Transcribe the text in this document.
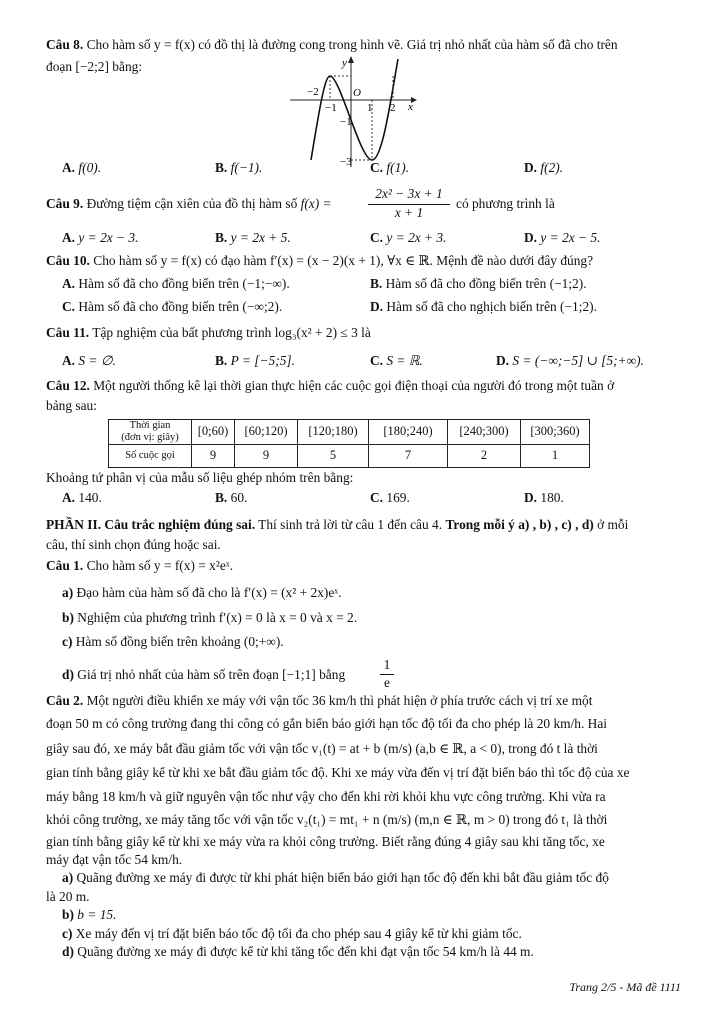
Câu 8. Cho hàm số y = f(x) có đồ thị là đường cong trong hình vẽ. Giá trị nhỏ nhất của hàm số đã cho trên
đoạn [−2;2] bằng:	y
x
O
−2
−1	1 2
−1
−3
A. f(0).	B. f(−1).	C. f(1).	D. f(2).
Câu 9. Đường tiệm cận xiên của đồ thị hàm số f(x) =
2x² − 3x + 1
x + 1
có phương trình là
A. y = 2x − 3.	B. y = 2x + 5.	C. y = 2x + 3.	D. y = 2x − 5.
Câu 10. Cho hàm số y = f(x) có đạo hàm f′(x) = (x − 2)(x + 1), ∀x ∈ ℝ. Mệnh đề nào dưới đây đúng?
A. Hàm số đã cho đồng biến trên (−1;−∞).	B. Hàm số đã cho đồng biến trên (−1;2).
C. Hàm số đã cho đồng biến trên (−∞;2).	D. Hàm số đã cho nghịch biến trên (−1;2).
Câu 11. Tập nghiệm của bất phương trình log₃(x² + 2) ≤ 3 là
A. S = ∅.	B. P = [−5;5].	C. S = ℝ.	D. S = (−∞;−5] ∪ [5;+∞).
Câu 12. Một người thống kê lại thời gian thực hiện các cuộc gọi điện thoại của người đó trong một tuần ở
bảng sau:
Thời gian
(đơn vị: giây)	[0;60)	[60;120)	[120;180)	[180;240)	[240;300)	[300;360)
Số cuộc gọi	9	9	5	7	2	1
Khoảng tứ phân vị của mẫu số liệu ghép nhóm trên bằng:
A. 140.	B. 60.	C. 169.	D. 180.
PHẦN II. Câu trắc nghiệm đúng sai. Thí sinh trả lời từ câu 1 đến câu 4. Trong mỗi ý a) , b) , c) , d) ở mỗi
câu, thí sinh chọn đúng hoặc sai.
Câu 1. Cho hàm số y = f(x) = x²eˣ.
a) Đạo hàm của hàm số đã cho là f′(x) = (x² + 2x)eˣ.
b) Nghiệm của phương trình f′(x) = 0 là x = 0 và x = 2.
c) Hàm số đồng biến trên khoảng (0;+∞).
d) Giá trị nhỏ nhất của hàm số trên đoạn [−1;1] bằng
1
e
Câu 2. Một người điều khiển xe máy với vận tốc 36 km/h thì phát hiện ở phía trước cách vị trí xe một
đoạn 50 m có công trường đang thi công có gắn biển báo giới hạn tốc độ tối đa cho phép là 20 km/h. Hai
giây sau đó, xe máy bắt đầu giảm tốc với vận tốc v₁(t) = at + b (m/s) (a,b ∈ ℝ, a < 0), trong đó t là thời
gian tính bằng giây kể từ khi xe bắt đầu giảm tốc độ. Khi xe máy vừa đến vị trí đặt biển báo thì tốc độ của xe
máy bằng 18 km/h và giữ nguyên vận tốc như vậy cho đến khi rời khỏi khu vực công trường. Khi vừa ra
khỏi công trường, xe máy tăng tốc với vận tốc v₂(t₁) = mt₁ + n (m/s) (m,n ∈ ℝ, m > 0) trong đó t₁ là thời
gian tính bằng giây kể từ khi xe máy vừa ra khỏi công trường. Biết rằng đúng 4 giây sau khi tăng tốc, xe
máy đạt vận tốc 54 km/h.
a) Quãng đường xe máy đi được từ khi phát hiện biển báo giới hạn tốc độ đến khi bắt đầu giảm tốc độ
là 20 m.
b) b = 15.
c) Xe máy đến vị trí đặt biển báo tốc độ tối đa cho phép sau 4 giây kể từ khi giảm tốc.
d) Quãng đường xe máy đi được kể từ khi tăng tốc đến khi đạt vận tốc 54 km/h là 44 m.
Trang 2/5 - Mã đề 1111
